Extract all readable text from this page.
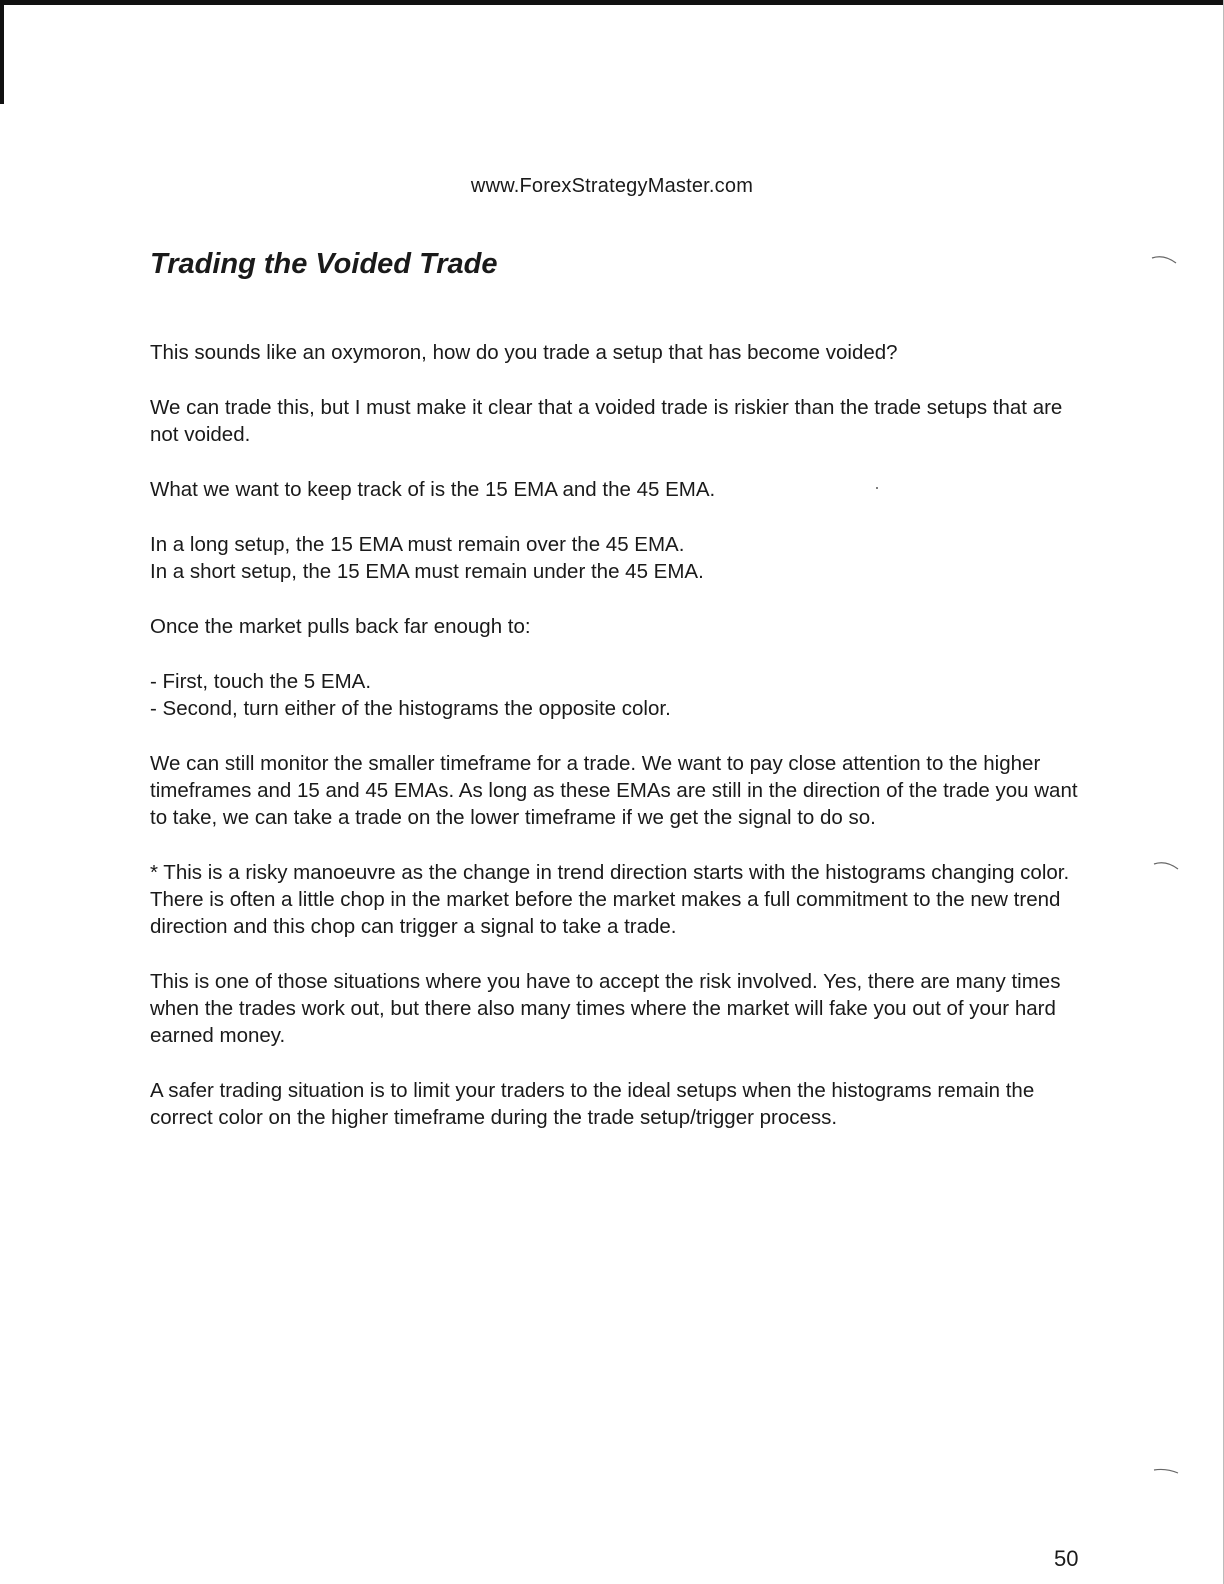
www.ForexStrategyMaster.com
Trading the Voided Trade

This sounds like an oxymoron, how do you trade a setup that has become voided?

We can trade this, but I must make it clear that a voided trade is riskier than the trade setups that are not voided.

What we want to keep track of is the 15 EMA and the 45 EMA.

In a long setup, the 15 EMA must remain over the 45 EMA.
In a short setup, the 15 EMA must remain under the 45 EMA.

Once the market pulls back far enough to:

- First, touch the 5 EMA.
- Second, turn either of the histograms the opposite color.

We can still monitor the smaller timeframe for a trade. We want to pay close attention to the higher timeframes and 15 and 45 EMAs. As long as these EMAs are still in the direction of the trade you want to take, we can take a trade on the lower timeframe if we get the signal to do so.

* This is a risky manoeuvre as the change in trend direction starts with the histograms changing color. There is often a little chop in the market before the market makes a full commitment to the new trend direction and this chop can trigger a signal to take a trade.

This is one of those situations where you have to accept the risk involved. Yes, there are many times when the trades work out, but there also many times where the market will fake you out of your hard earned money.

A safer trading situation is to limit your traders to the ideal setups when the histograms remain the correct color on the higher timeframe during the trade setup/trigger process.

50
